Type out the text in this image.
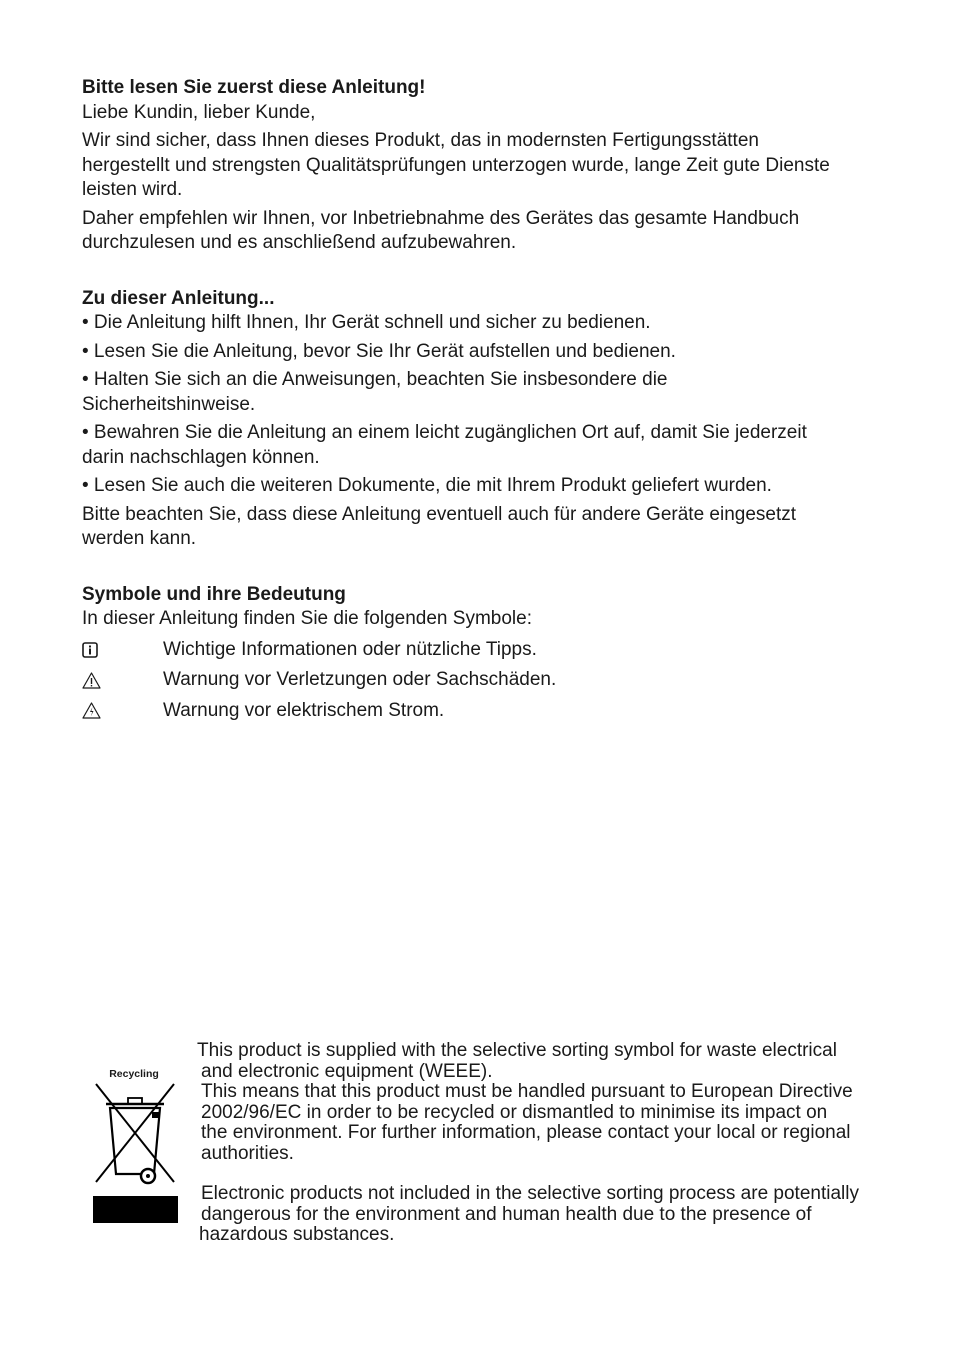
Bitte lesen Sie zuerst diese Anleitung!

Liebe Kundin, lieber Kunde,

Wir sind sicher, dass Ihnen dieses Produkt, das in modernsten Fertigungsstätten
hergestellt und strengsten Qualitätsprüfungen unterzogen wurde, lange Zeit gute Dienste
leisten wird.

Daher empfehlen wir Ihnen, vor Inbetriebnahme des Gerätes das gesamte Handbuch
durchzulesen und es anschließend aufzubewahren.

Zu dieser Anleitung...

• Die Anleitung hilft Ihnen, Ihr Gerät schnell und sicher zu bedienen.

• Lesen Sie die Anleitung, bevor Sie Ihr Gerät aufstellen und bedienen.

• Halten Sie sich an die Anweisungen, beachten Sie insbesondere die
Sicherheitshinweise.

• Bewahren Sie die Anleitung an einem leicht zugänglichen Ort auf, damit Sie jederzeit
darin nachschlagen können.

• Lesen Sie auch die weiteren Dokumente, die mit Ihrem Produkt geliefert wurden.

Bitte beachten Sie, dass diese Anleitung eventuell auch für andere Geräte eingesetzt
werden kann.

Symbole und ihre Bedeutung

In dieser Anleitung finden Sie die folgenden Symbole:

Wichtige Informationen oder nützliche Tipps.
Warnung vor Verletzungen oder Sachschäden.
Warnung vor elektrischem Strom.

Recycling

This product is supplied with the selective sorting symbol for waste electrical

and electronic equipment (WEEE).

This means that this product must be handled pursuant to European Directive

2002/96/EC in order to be recycled or dismantled to minimise its impact on

the environment. For further information, please contact your local or regional

authorities.

Electronic products not included in the selective sorting process are potentially

dangerous for the environment and human health due to the presence of

hazardous substances.
